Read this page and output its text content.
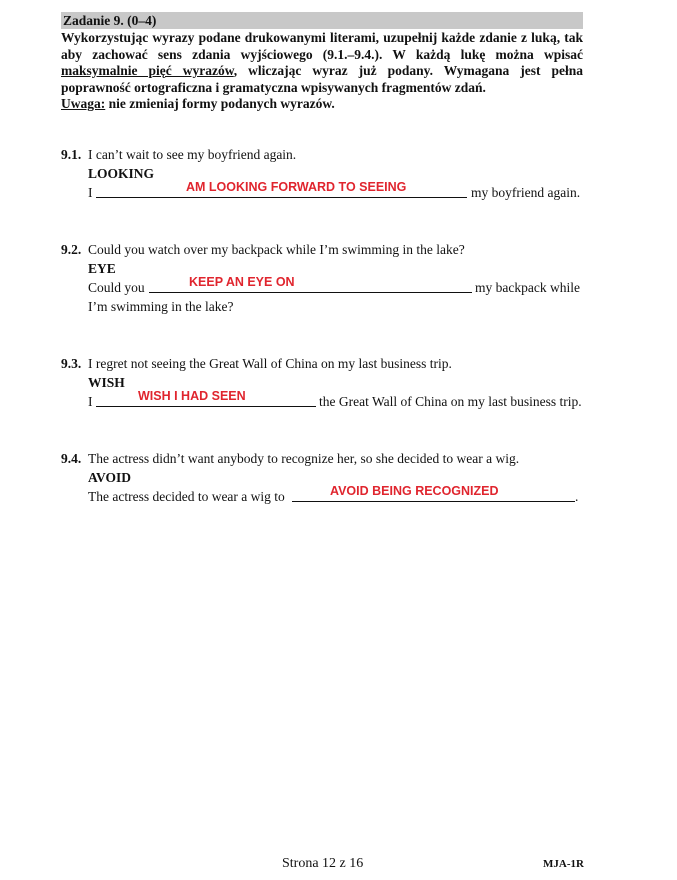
Zadanie 9. (0–4)
Wykorzystując wyrazy podane drukowanymi literami, uzupełnij każde zdanie z luką, tak aby zachować sens zdania wyjściowego (9.1.–9.4.). W każdą lukę można wpisać maksymalnie pięć wyrazów, wliczając wyraz już podany. Wymagana jest pełna poprawność ortograficzna i gramatyczna wpisywanych fragmentów zdań.
Uwaga: nie zmieniaj formy podanych wyrazów.
9.1. I can’t wait to see my boyfriend again.
LOOKING
I	AM LOOKING FORWARD TO SEEING	my boyfriend again.
9.2. Could you watch over my backpack while I’m swimming in the lake?
EYE
Could you	KEEP AN EYE ON	my backpack while
I’m swimming in the lake?
9.3. I regret not seeing the Great Wall of China on my last business trip.
WISH
I	WISH I HAD SEEN	the Great Wall of China on my last business trip.
9.4. The actress didn’t want anybody to recognize her, so she decided to wear a wig.
AVOID
The actress decided to wear a wig to	AVOID BEING RECOGNIZED	.
Strona 12 z 16	MJA-1R
